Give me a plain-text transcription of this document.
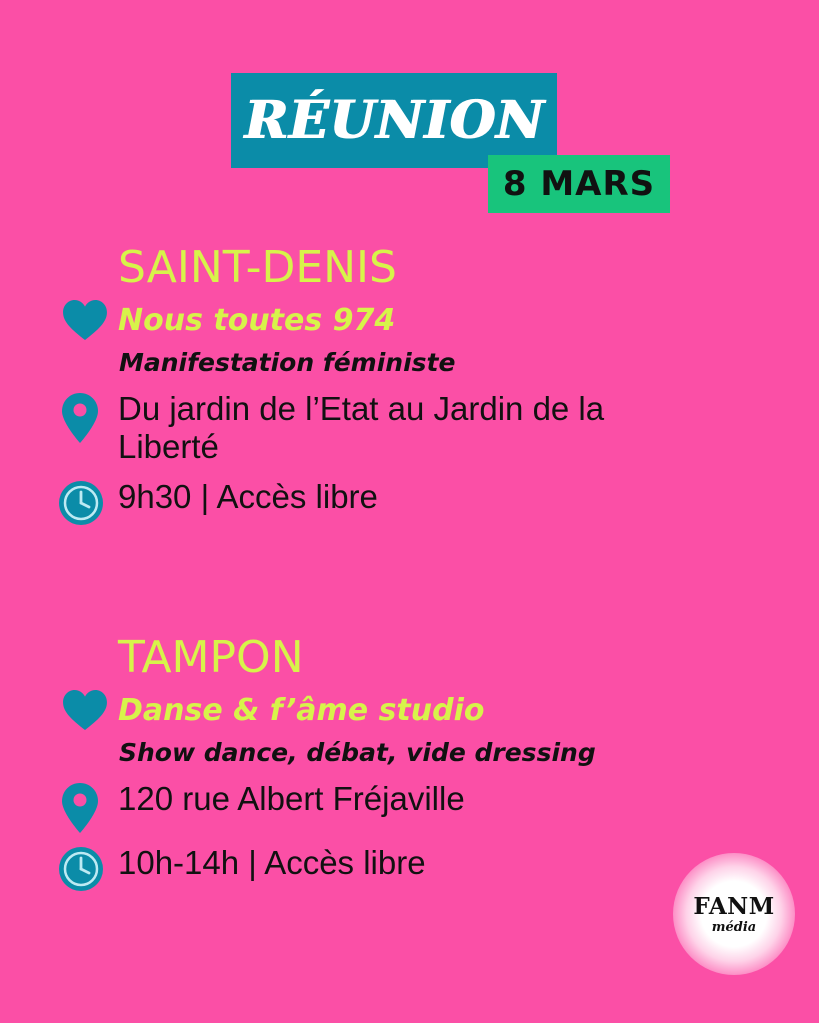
RÉUNION
8 MARS
SAINT-DENIS
Nous toutes 974
Manifestation féministe
Du jardin de l’Etat au Jardin de la Liberté
9h30 | Accès libre
TAMPON
Danse & f’âme studio
Show dance, débat, vide dressing
120 rue Albert Fréjaville
10h-14h | Accès libre
FANM
média
